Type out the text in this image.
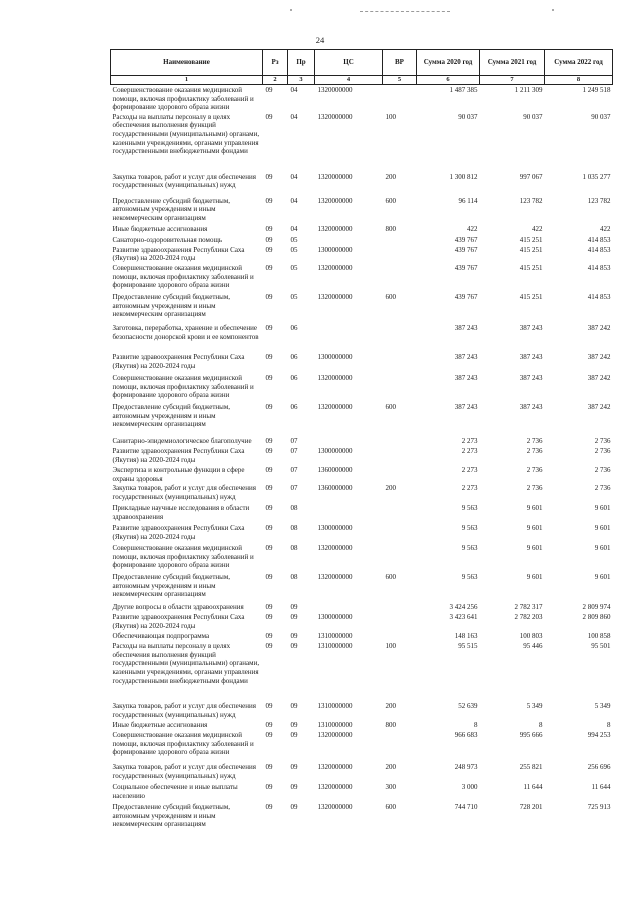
24
Наименование	Рз	Пр	ЦС	ВР	Сумма 2020 год	Сумма 2021 год	Сумма 2022 год
1	2	3	4	5	6	7	8
Совершенствование оказания медицинской помощи, включая профилактику заболеваний и формирование здорового образа жизни	09	04	1320000000		1 487 385	1 211 309	1 249 518
Расходы на выплаты персоналу в целях обеспечения выполнения функций государственными (муниципальными) органами, казенными учреждениями, органами управления государственными внебюджетными фондами	09	04	1320000000	100	90 037	90 037	90 037
Закупка товаров, работ и услуг для обеспечения государственных (муниципальных) нужд	09	04	1320000000	200	1 300 812	997 067	1 035 277
Предоставление субсидий бюджетным, автономным учреждениям и иным некоммерческим организациям	09	04	1320000000	600	96 114	123 782	123 782
Иные бюджетные ассигнования	09	04	1320000000	800	422	422	422
Санаторно-оздоровительная помощь	09	05			439 767	415 251	414 853
Развитие здравоохранения Республики Саха (Якутия) на 2020-2024 годы	09	05	1300000000		439 767	415 251	414 853
Совершенствование оказания медицинской помощи, включая профилактику заболеваний и формирование здорового образа жизни	09	05	1320000000		439 767	415 251	414 853
Предоставление субсидий бюджетным, автономным учреждениям и иным некоммерческим организациям	09	05	1320000000	600	439 767	415 251	414 853
Заготовка, переработка, хранение и обеспечение безопасности донорской крови и ее компонентов	09	06			387 243	387 243	387 242
Развитие здравоохранения Республики Саха (Якутия) на 2020-2024 годы	09	06	1300000000		387 243	387 243	387 242
Совершенствование оказания медицинской помощи, включая профилактику заболеваний и формирование здорового образа жизни	09	06	1320000000		387 243	387 243	387 242
Предоставление субсидий бюджетным, автономным учреждениям и иным некоммерческим организациям	09	06	1320000000	600	387 243	387 243	387 242
Санитарно-эпидемиологическое благополучие	09	07			2 273	2 736	2 736
Развитие здравоохранения Республики Саха (Якутия) на 2020-2024 годы	09	07	1300000000		2 273	2 736	2 736
Экспертиза и контрольные функции в сфере охраны здоровья	09	07	1360000000		2 273	2 736	2 736
Закупка товаров, работ и услуг для обеспечения государственных (муниципальных) нужд	09	07	1360000000	200	2 273	2 736	2 736
Прикладные научные исследования в области здравоохранения	09	08			9 563	9 601	9 601
Развитие здравоохранения Республики Саха (Якутия) на 2020-2024 годы	09	08	1300000000		9 563	9 601	9 601
Совершенствование оказания медицинской помощи, включая профилактику заболеваний и формирование здорового образа жизни	09	08	1320000000		9 563	9 601	9 601
Предоставление субсидий бюджетным, автономным учреждениям и иным некоммерческим организациям	09	08	1320000000	600	9 563	9 601	9 601
Другие вопросы в области здравоохранения	09	09			3 424 256	2 782 317	2 809 974
Развитие здравоохранения Республики Саха (Якутия) на 2020-2024 годы	09	09	1300000000		3 423 641	2 782 203	2 809 860
Обеспечивающая подпрограмма	09	09	1310000000		148 163	100 803	100 858
Расходы на выплаты персоналу в целях обеспечения выполнения функций государственными (муниципальными) органами, казенными учреждениями, органами управления государственными внебюджетными фондами	09	09	1310000000	100	95 515	95 446	95 501
Закупка товаров, работ и услуг для обеспечения государственных (муниципальных) нужд	09	09	1310000000	200	52 639	5 349	5 349
Иные бюджетные ассигнования	09	09	1310000000	800	8	8	8
Совершенствование оказания медицинской помощи, включая профилактику заболеваний и формирование здорового образа жизни	09	09	1320000000		966 683	995 666	994 253
Закупка товаров, работ и услуг для обеспечения государственных (муниципальных) нужд	09	09	1320000000	200	248 973	255 821	256 696
Социальное обеспечение и иные выплаты населению	09	09	1320000000	300	3 000	11 644	11 644
Предоставление субсидий бюджетным, автономным учреждениям и иным некоммерческим организациям	09	09	1320000000	600	744 710	728 201	725 913
